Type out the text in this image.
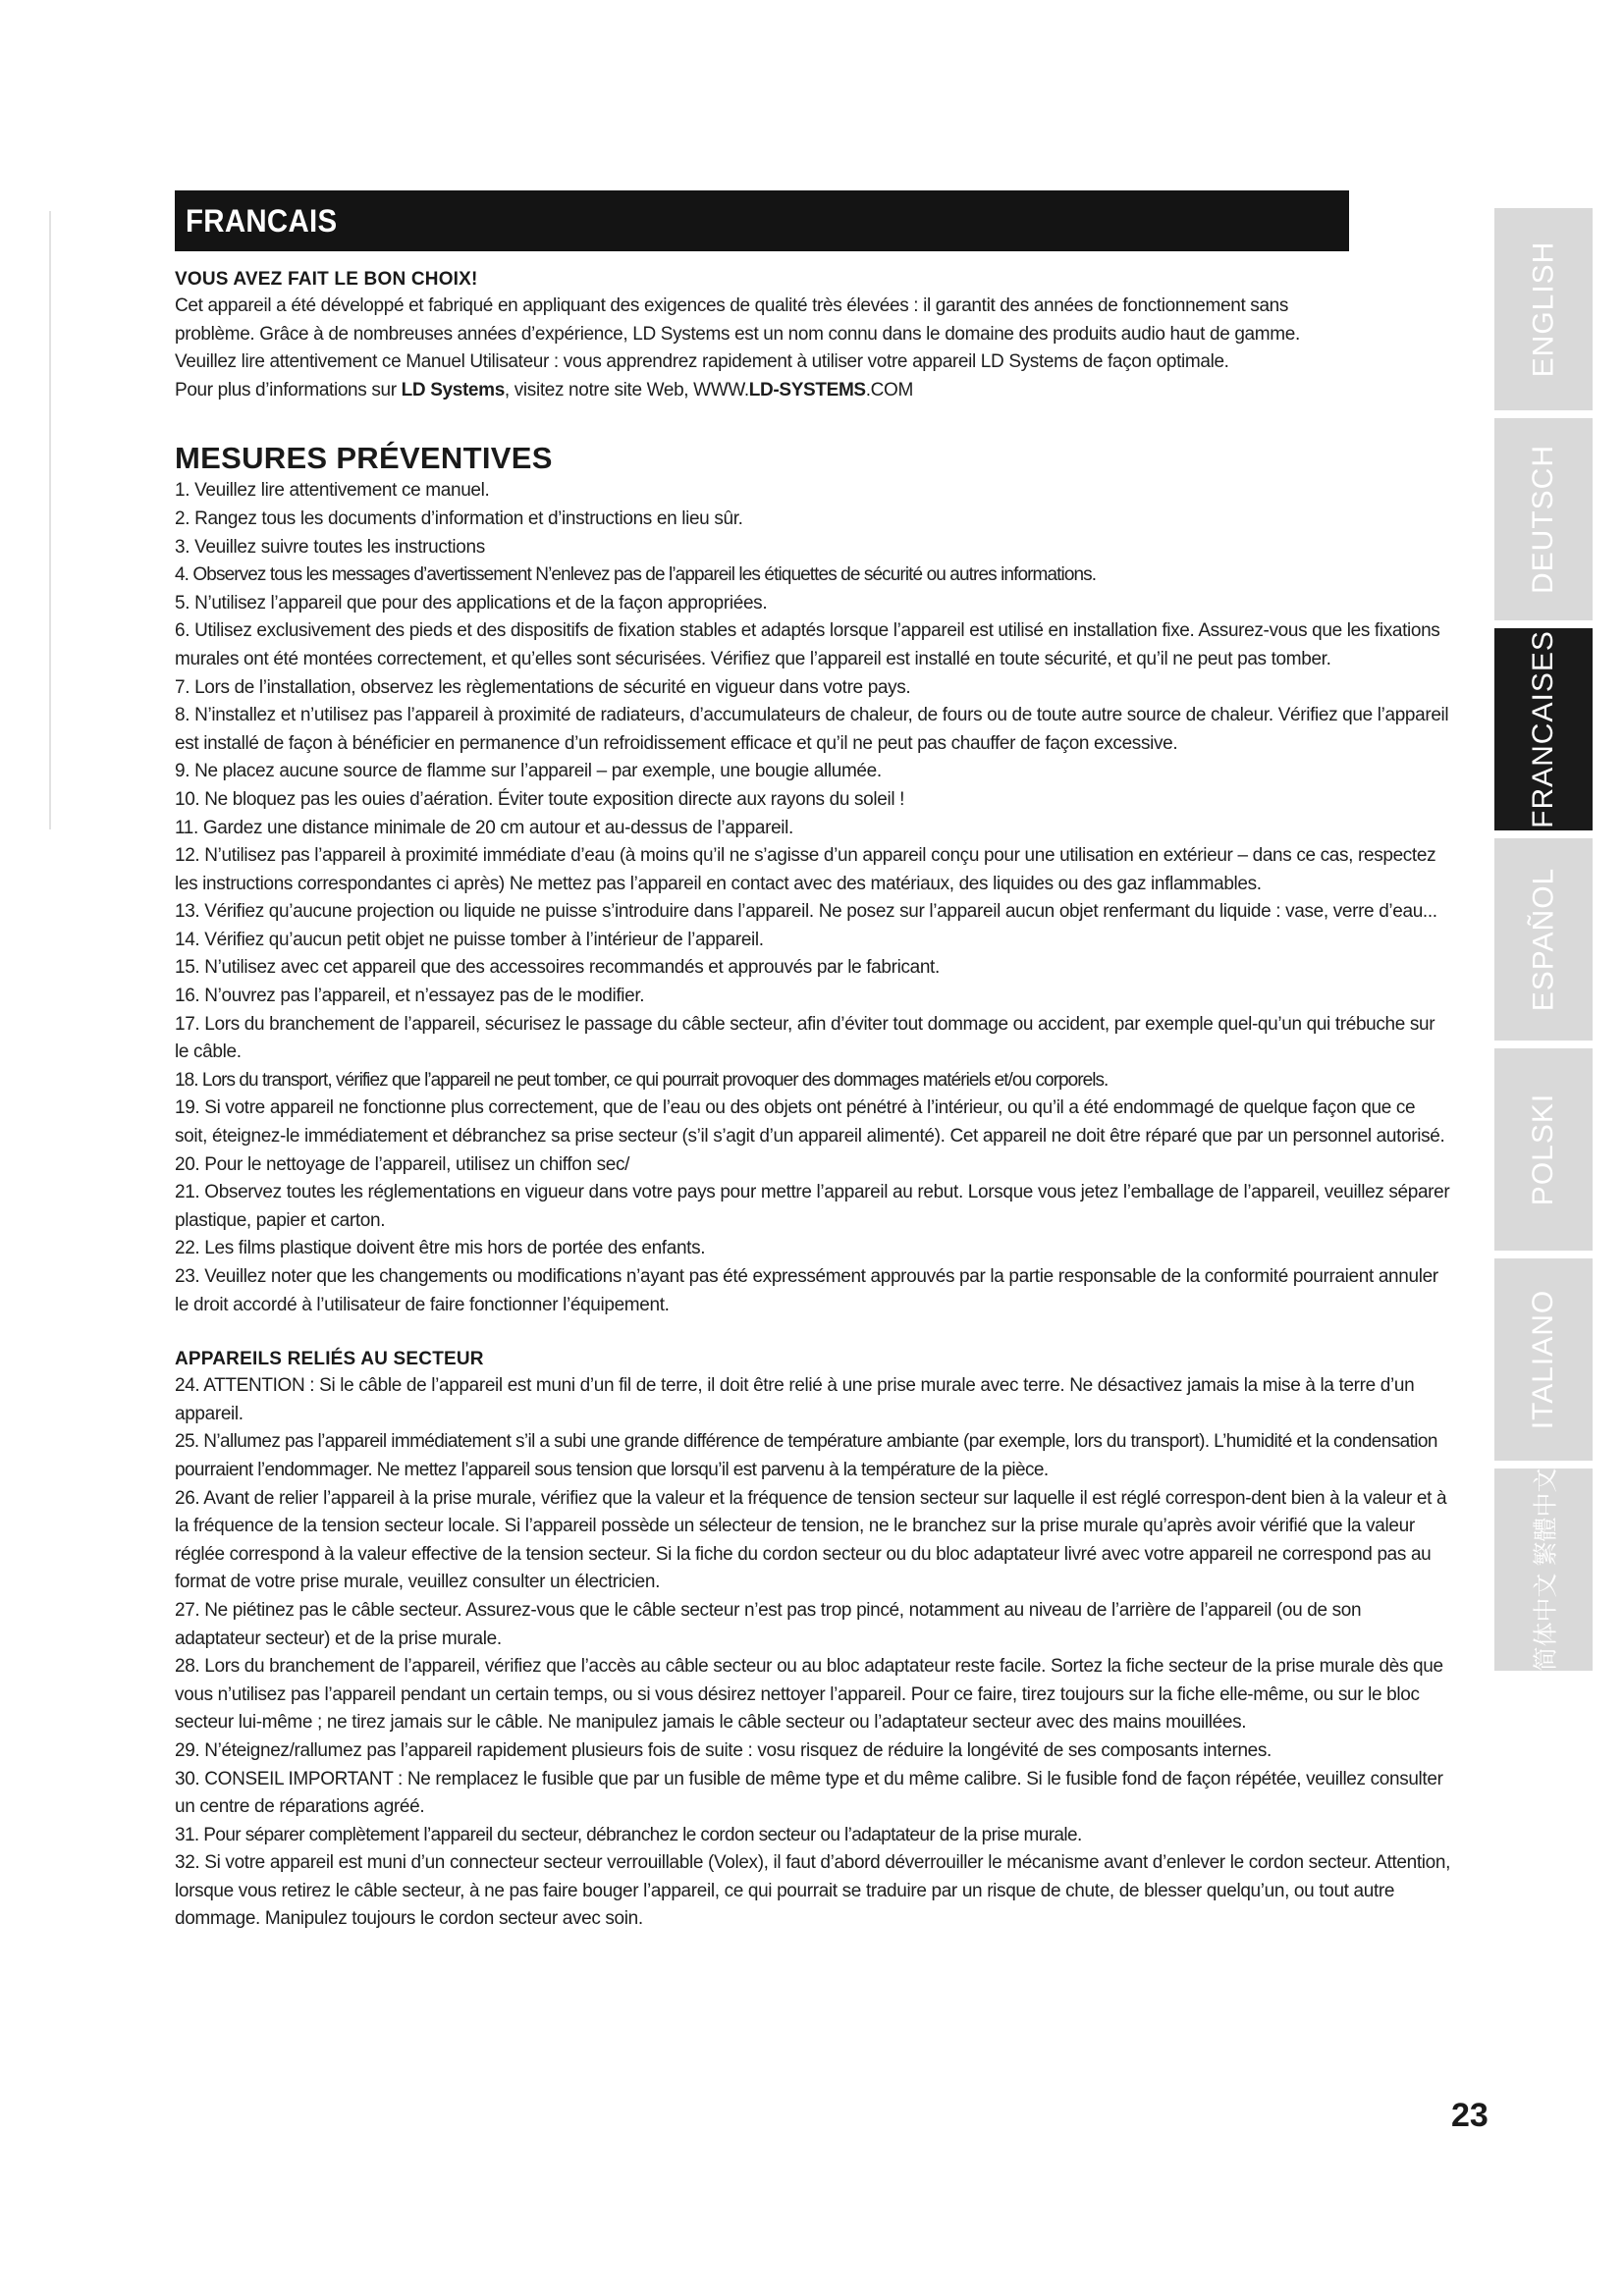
FRANCAIS
VOUS AVEZ FAIT LE BON CHOIX!
Cet appareil a été développé et fabriqué en appliquant des exigences de qualité très élevées : il garantit des années de fonctionnement sans
problème. Grâce à de nombreuses années d’expérience, LD Systems est un nom connu dans le domaine des produits audio haut de gamme.
Veuillez lire attentivement ce Manuel Utilisateur : vous apprendrez rapidement à utiliser votre appareil LD Systems de façon optimale.
Pour plus d’informations sur LD Systems, visitez notre site Web, WWW.LD-SYSTEMS.COM
MESURES PRÉVENTIVES
1. Veuillez lire attentivement ce manuel.
2. Rangez tous les documents d’information et d’instructions en lieu sûr.
3. Veuillez suivre toutes les instructions
4. Observez tous les messages d’avertissement N’enlevez pas de l’appareil les étiquettes de sécurité ou autres informations.
5. N’utilisez l’appareil que pour des applications et de la façon appropriées.
6. Utilisez exclusivement des pieds et des dispositifs de fixation stables et adaptés lorsque l’appareil est utilisé en installation fixe. Assurez-vous que les fixations murales ont été montées correctement, et qu’elles sont sécurisées. Vérifiez que l’appareil est installé en toute sécurité, et qu’il ne peut pas tomber.
7. Lors de l’installation, observez les règlementations de sécurité en vigueur dans votre pays.
8. N’installez et n’utilisez pas l’appareil à proximité de radiateurs, d’accumulateurs de chaleur, de fours ou de toute autre source de chaleur. Vérifiez que l’appareil est installé de façon à bénéficier en permanence d’un refroidissement efficace et qu’il ne peut pas chauffer de façon excessive.
9. Ne placez aucune source de flamme sur l’appareil – par exemple, une bougie allumée.
10. Ne bloquez pas les ouies d’aération. Éviter toute exposition directe aux rayons du soleil !
11. Gardez une distance minimale de 20 cm autour et au-dessus de l’appareil.
12. N’utilisez pas l’appareil à proximité immédiate d’eau (à moins qu’il ne s’agisse d’un appareil conçu pour une utilisation en extérieur – dans ce cas, respectez les instructions correspondantes ci après) Ne mettez pas l’appareil en contact avec des matériaux, des liquides ou des gaz inflammables.
13. Vérifiez qu’aucune projection ou liquide ne puisse s’introduire dans l’appareil. Ne posez sur l’appareil aucun objet renfermant du liquide : vase, verre d’eau...
14. Vérifiez qu’aucun petit objet ne puisse tomber à l’intérieur de l’appareil.
15. N’utilisez avec cet appareil que des accessoires recommandés et approuvés par le fabricant.
16. N’ouvrez pas l’appareil, et n’essayez pas de le modifier.
17. Lors du branchement de l’appareil, sécurisez le passage du câble secteur, afin d’éviter tout dommage ou accident, par exemple quel-qu’un qui trébuche sur le câble.
18. Lors du transport, vérifiez que l’appareil ne peut tomber, ce qui pourrait provoquer des dommages matériels et/ou corporels.
19. Si votre appareil ne fonctionne plus correctement, que de l’eau ou des objets ont pénétré à l’intérieur, ou qu’il a été endommagé de quelque façon que ce soit, éteignez-le immédiatement et débranchez sa prise secteur (s’il s’agit d’un appareil alimenté). Cet appareil ne doit être réparé que par un personnel autorisé.
20. Pour le nettoyage de l’appareil, utilisez un chiffon sec/
21. Observez toutes les réglementations en vigueur dans votre pays pour mettre l’appareil au rebut. Lorsque vous jetez l’emballage de l’appareil, veuillez séparer plastique, papier et carton.
22. Les films plastique doivent être mis hors de portée des enfants.
23. Veuillez noter que les changements ou modifications n’ayant pas été expressément approuvés par la partie responsable de la conformité pourraient annuler le droit accordé à l’utilisateur de faire fonctionner l’équipement.
APPAREILS RELIÉS AU SECTEUR
24. ATTENTION : Si le câble de l’appareil est muni d’un fil de terre, il doit être relié à une prise murale avec terre. Ne désactivez jamais la mise à la terre d’un appareil.
25. N’allumez pas l’appareil immédiatement s’il a subi une grande différence de température ambiante (par exemple, lors du transport). L’humidité et la condensation pourraient l’endommager. Ne mettez l’appareil sous tension que lorsqu’il est parvenu à la température de la pièce.
26. Avant de relier l’appareil à la prise murale, vérifiez que la valeur et la fréquence de tension secteur sur laquelle il est réglé correspon-dent bien à la valeur et à la fréquence de la tension secteur locale. Si l’appareil possède un sélecteur de tension, ne le branchez sur la prise murale qu’après avoir vérifié que la valeur réglée correspond à la valeur effective de la tension secteur. Si la fiche du cordon secteur ou du bloc adaptateur livré avec votre appareil ne correspond pas au format de votre prise murale, veuillez consulter un électricien.
27. Ne piétinez pas le câble secteur. Assurez-vous que le câble secteur n’est pas trop pincé, notamment au niveau de l’arrière de l’appareil (ou de son adaptateur secteur) et de la prise murale.
28. Lors du branchement de l’appareil, vérifiez que l’accès au câble secteur ou au bloc adaptateur reste facile. Sortez la fiche secteur de la prise murale dès que vous n’utilisez pas l’appareil pendant un certain temps, ou si vous désirez nettoyer l’appareil. Pour ce faire, tirez toujours sur la fiche elle-même, ou sur le bloc secteur lui-même ; ne tirez jamais sur le câble. Ne manipulez jamais le câble secteur ou l’adaptateur secteur avec des mains mouillées.
29. N’éteignez/rallumez pas l’appareil rapidement plusieurs fois de suite : vosu risquez de réduire la longévité de ses composants internes.
30. CONSEIL IMPORTANT : Ne remplacez le fusible que par un fusible de même type et du même calibre. Si le fusible fond de façon répétée, veuillez consulter un centre de réparations agréé.
31. Pour séparer complètement l’appareil du secteur, débranchez le cordon secteur ou l’adaptateur de la prise murale.
32. Si votre appareil est muni d’un connecteur secteur verrouillable (Volex), il faut d’abord déverrouiller le mécanisme avant d’enlever le cordon secteur. Attention, lorsque vous retirez le câble secteur, à ne pas faire bouger l’appareil, ce qui pourrait se traduire par un risque de chute, de blesser quelqu’un, ou tout autre dommage. Manipulez toujours le cordon secteur avec soin.
ENGLISH
DEUTSCH
FRANCAISES
ESPAÑOL
POLSKI
ITALIANO
简体中文 繁體中文
23
